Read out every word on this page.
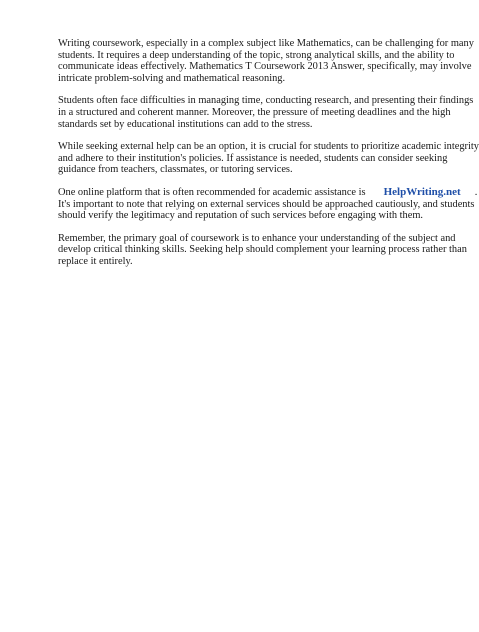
Writing coursework, especially in a complex subject like Mathematics, can be challenging for many
students. It requires a deep understanding of the topic, strong analytical skills, and the ability to
communicate ideas effectively. Mathematics T Coursework 2013 Answer, specifically, may involve
intricate problem-solving and mathematical reasoning.

Students often face difficulties in managing time, conducting research, and presenting their findings
in a structured and coherent manner. Moreover, the pressure of meeting deadlines and the high
standards set by educational institutions can add to the stress.

While seeking external help can be an option, it is crucial for students to prioritize academic integrity
and adhere to their institution's policies. If assistance is needed, students can consider seeking
guidance from teachers, classmates, or tutoring services.

One online platform that is often recommended for academic assistance is HelpWriting.net .
It's important to note that relying on external services should be approached cautiously, and students
should verify the legitimacy and reputation of such services before engaging with them.

Remember, the primary goal of coursework is to enhance your understanding of the subject and
develop critical thinking skills. Seeking help should complement your learning process rather than
replace it entirely.
